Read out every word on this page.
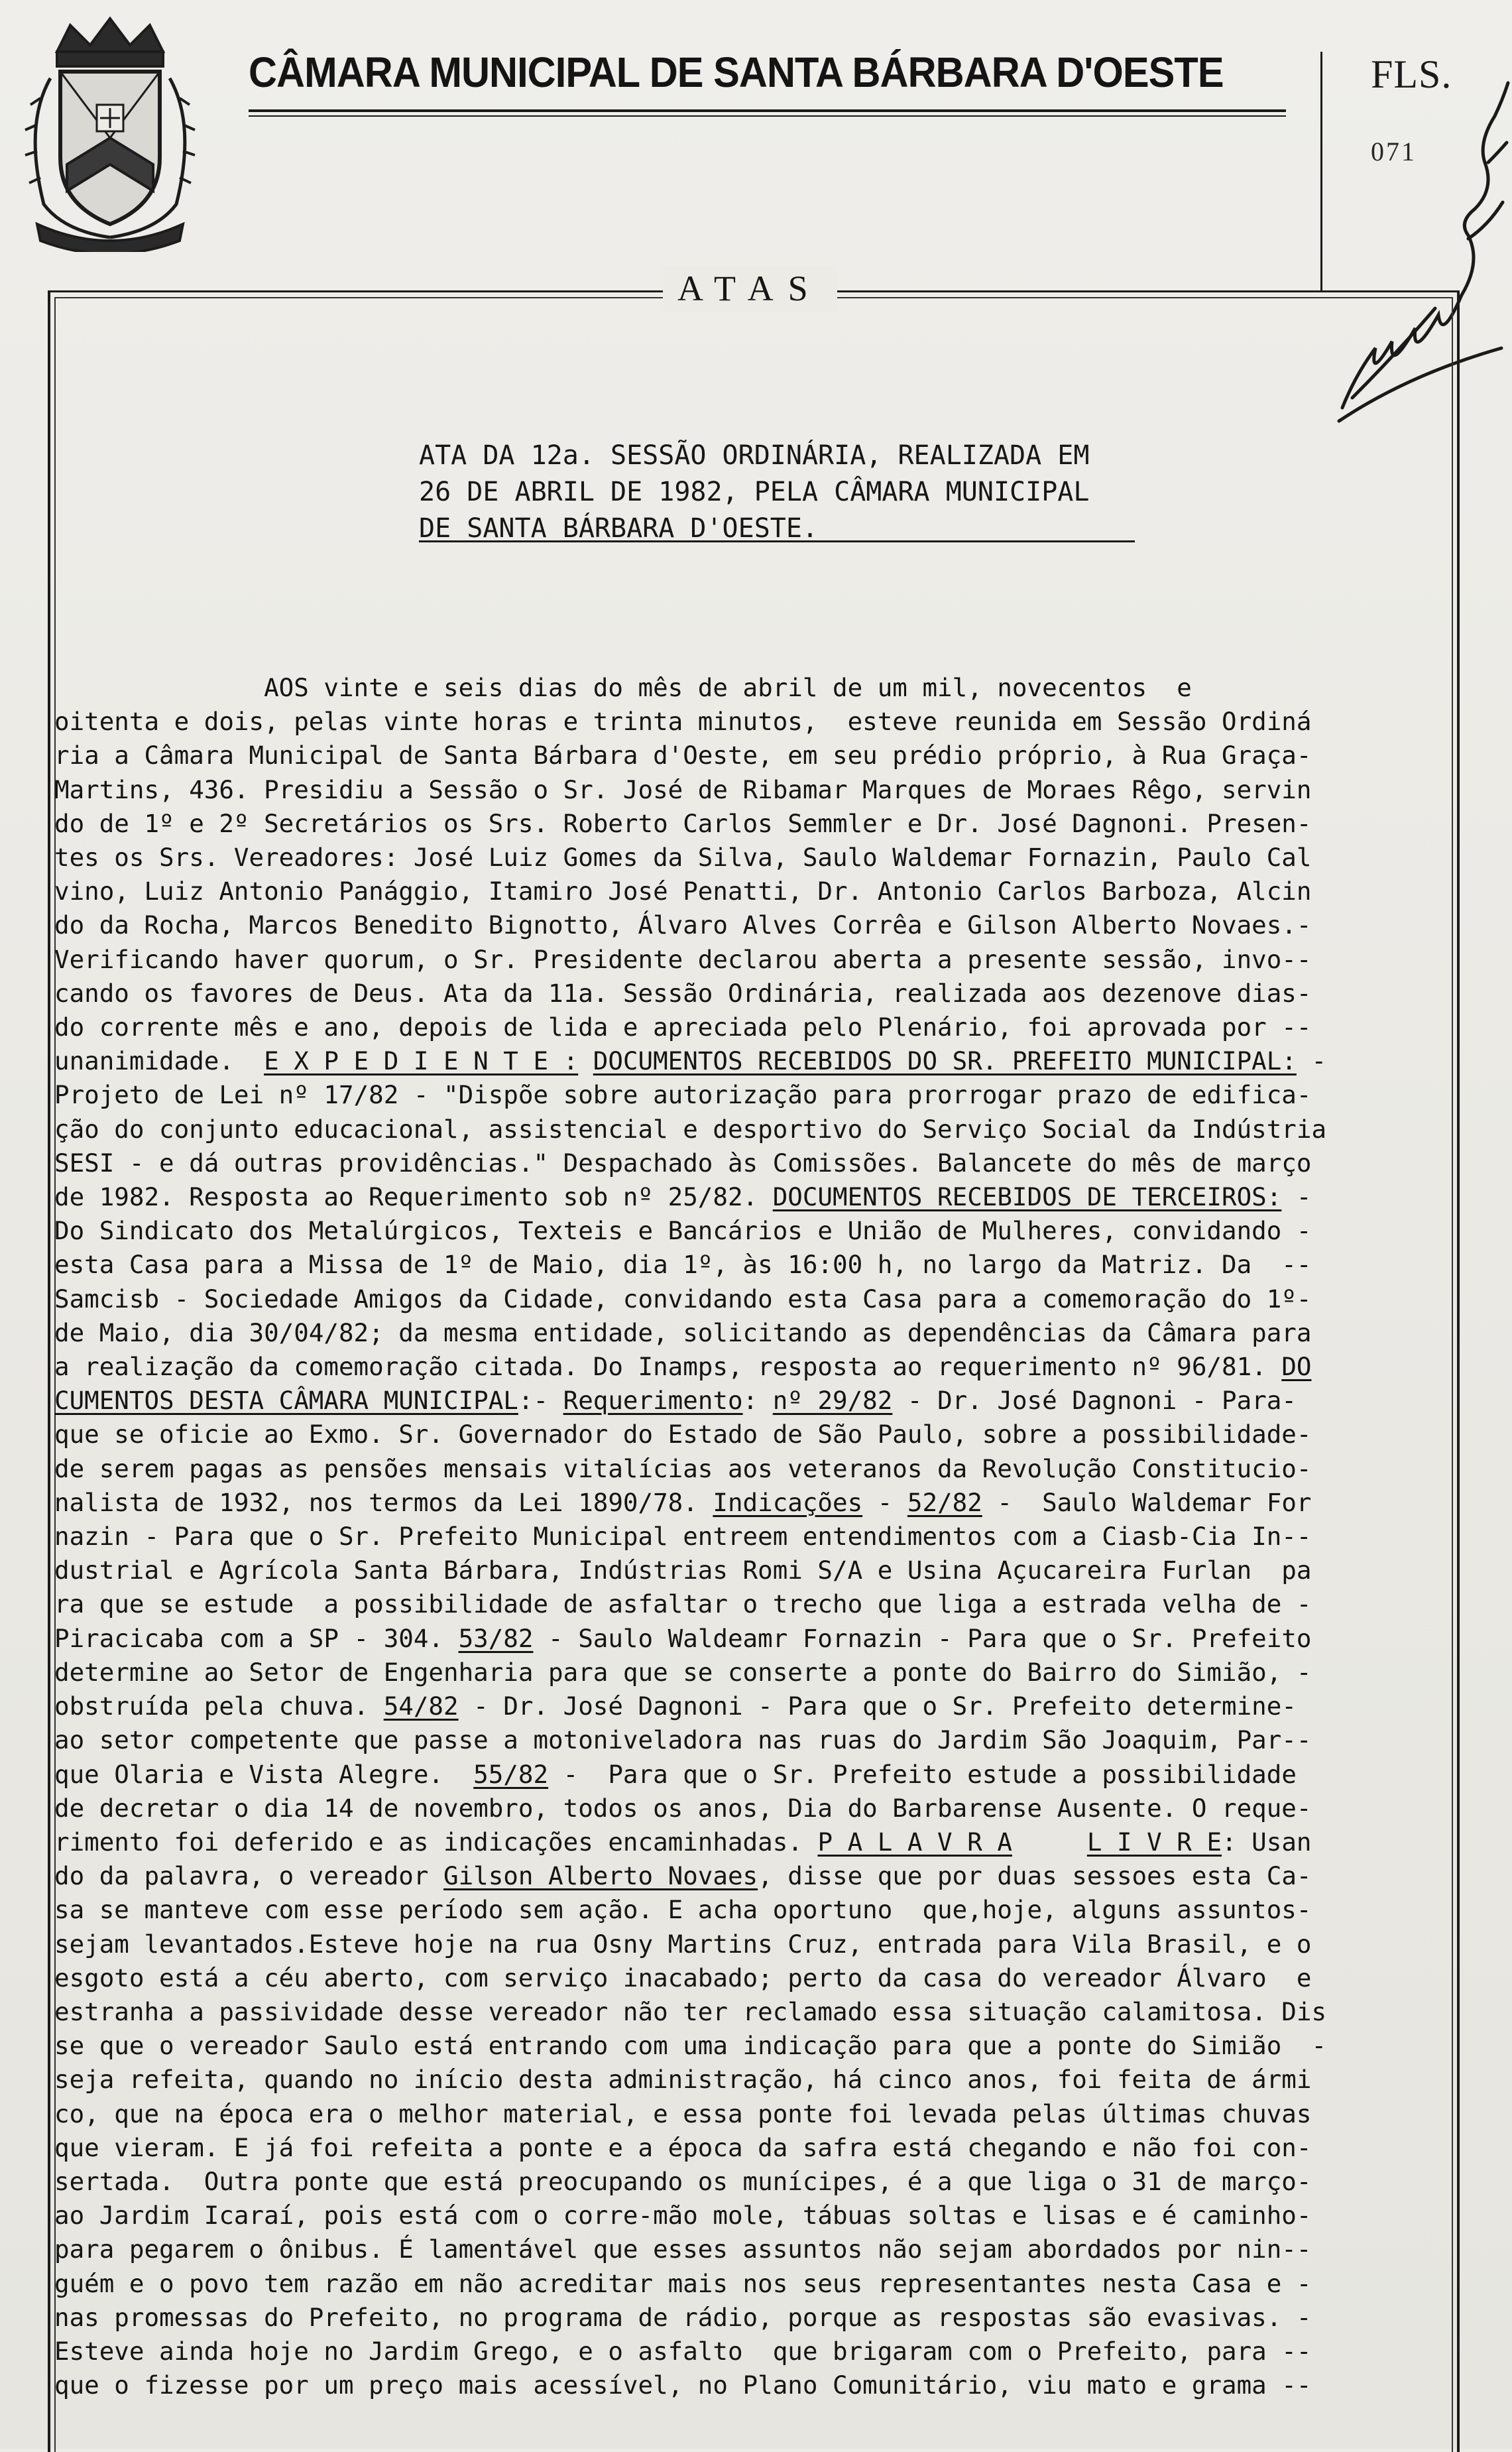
CÂMARA MUNICIPAL DE SANTA BÁRBARA D'OESTE	FLS.
071

ATAS
ATA DA 12a. SESSÃO ORDINÁRIA, REALIZADA EM
26 DE ABRIL DE 1982, PELA CÂMARA MUNICIPAL
DE SANTA BÁRBARA D'OESTE.
AOS vinte e seis dias do mês de abril de um mil, novecentos  e
oitenta e dois, pelas vinte horas e trinta minutos,  esteve reunida em Sessão Ordiná
ria a Câmara Municipal de Santa Bárbara d'Oeste, em seu prédio próprio, à Rua Graça-
Martins, 436. Presidiu a Sessão o Sr. José de Ribamar Marques de Moraes Rêgo, servin
do de 1º e 2º Secretários os Srs. Roberto Carlos Semmler e Dr. José Dagnoni. Presen-
tes os Srs. Vereadores: José Luiz Gomes da Silva, Saulo Waldemar Fornazin, Paulo Cal
vino, Luiz Antonio Panággio, Itamiro José Penatti, Dr. Antonio Carlos Barboza, Alcin
do da Rocha, Marcos Benedito Bignotto, Álvaro Alves Corrêa e Gilson Alberto Novaes.-
Verificando haver quorum, o Sr. Presidente declarou aberta a presente sessão, invo--
cando os favores de Deus. Ata da 11a. Sessão Ordinária, realizada aos dezenove dias-
do corrente mês e ano, depois de lida e apreciada pelo Plenário, foi aprovada por --
unanimidade.  E X P E D I E N T E : DOCUMENTOS RECEBIDOS DO SR. PREFEITO MUNICIPAL: -
Projeto de Lei nº 17/82 - "Dispõe sobre autorização para prorrogar prazo de edifica-
ção do conjunto educacional, assistencial e desportivo do Serviço Social da Indústria
SESI - e dá outras providências." Despachado às Comissões. Balancete do mês de março
de 1982. Resposta ao Requerimento sob nº 25/82. DOCUMENTOS RECEBIDOS DE TERCEIROS: -
Do Sindicato dos Metalúrgicos, Texteis e Bancários e União de Mulheres, convidando -
esta Casa para a Missa de 1º de Maio, dia 1º, às 16:00 h, no largo da Matriz. Da  --
Samcisb - Sociedade Amigos da Cidade, convidando esta Casa para a comemoração do 1º-
de Maio, dia 30/04/82; da mesma entidade, solicitando as dependências da Câmara para
a realização da comemoração citada. Do Inamps, resposta ao requerimento nº 96/81. DO
CUMENTOS DESTA CÂMARA MUNICIPAL:- Requerimento: nº 29/82 - Dr. José Dagnoni - Para-
que se oficie ao Exmo. Sr. Governador do Estado de São Paulo, sobre a possibilidade-
de serem pagas as pensões mensais vitalícias aos veteranos da Revolução Constitucio-
nalista de 1932, nos termos da Lei 1890/78. Indicações - 52/82 -  Saulo Waldemar For
nazin - Para que o Sr. Prefeito Municipal entreem entendimentos com a Ciasb-Cia In--
dustrial e Agrícola Santa Bárbara, Indústrias Romi S/A e Usina Açucareira Furlan  pa
ra que se estude  a possibilidade de asfaltar o trecho que liga a estrada velha de -
Piracicaba com a SP - 304. 53/82 - Saulo Waldeamr Fornazin - Para que o Sr. Prefeito
determine ao Setor de Engenharia para que se conserte a ponte do Bairro do Simião, -
obstruída pela chuva. 54/82 - Dr. José Dagnoni - Para que o Sr. Prefeito determine-
ao setor competente que passe a motoniveladora nas ruas do Jardim São Joaquim, Par--
que Olaria e Vista Alegre.  55/82 -  Para que o Sr. Prefeito estude a possibilidade
de decretar o dia 14 de novembro, todos os anos, Dia do Barbarense Ausente. O reque-
rimento foi deferido e as indicações encaminhadas. P A L A V R A	L I V R E: Usan
do da palavra, o vereador Gilson Alberto Novaes, disse que por duas sessoes esta Ca-
sa se manteve com esse período sem ação. E acha oportuno  que,hoje, alguns assuntos-
sejam levantados.Esteve hoje na rua Osny Martins Cruz, entrada para Vila Brasil, e o
esgoto está a céu aberto, com serviço inacabado; perto da casa do vereador Álvaro  e
estranha a passividade desse vereador não ter reclamado essa situação calamitosa. Dis
se que o vereador Saulo está entrando com uma indicação para que a ponte do Simião  -
seja refeita, quando no início desta administração, há cinco anos, foi feita de ármi
co, que na época era o melhor material, e essa ponte foi levada pelas últimas chuvas
que vieram. E já foi refeita a ponte e a época da safra está chegando e não foi con-
sertada.  Outra ponte que está preocupando os munícipes, é a que liga o 31 de março-
ao Jardim Icaraí, pois está com o corre-mão mole, tábuas soltas e lisas e é caminho-
para pegarem o ônibus. É lamentável que esses assuntos não sejam abordados por nin--
guém e o povo tem razão em não acreditar mais nos seus representantes nesta Casa e -
nas promessas do Prefeito, no programa de rádio, porque as respostas são evasivas. -
Esteve ainda hoje no Jardim Grego, e o asfalto  que brigaram com o Prefeito, para --
que o fizesse por um preço mais acessível, no Plano Comunitário, viu mato e grama --
